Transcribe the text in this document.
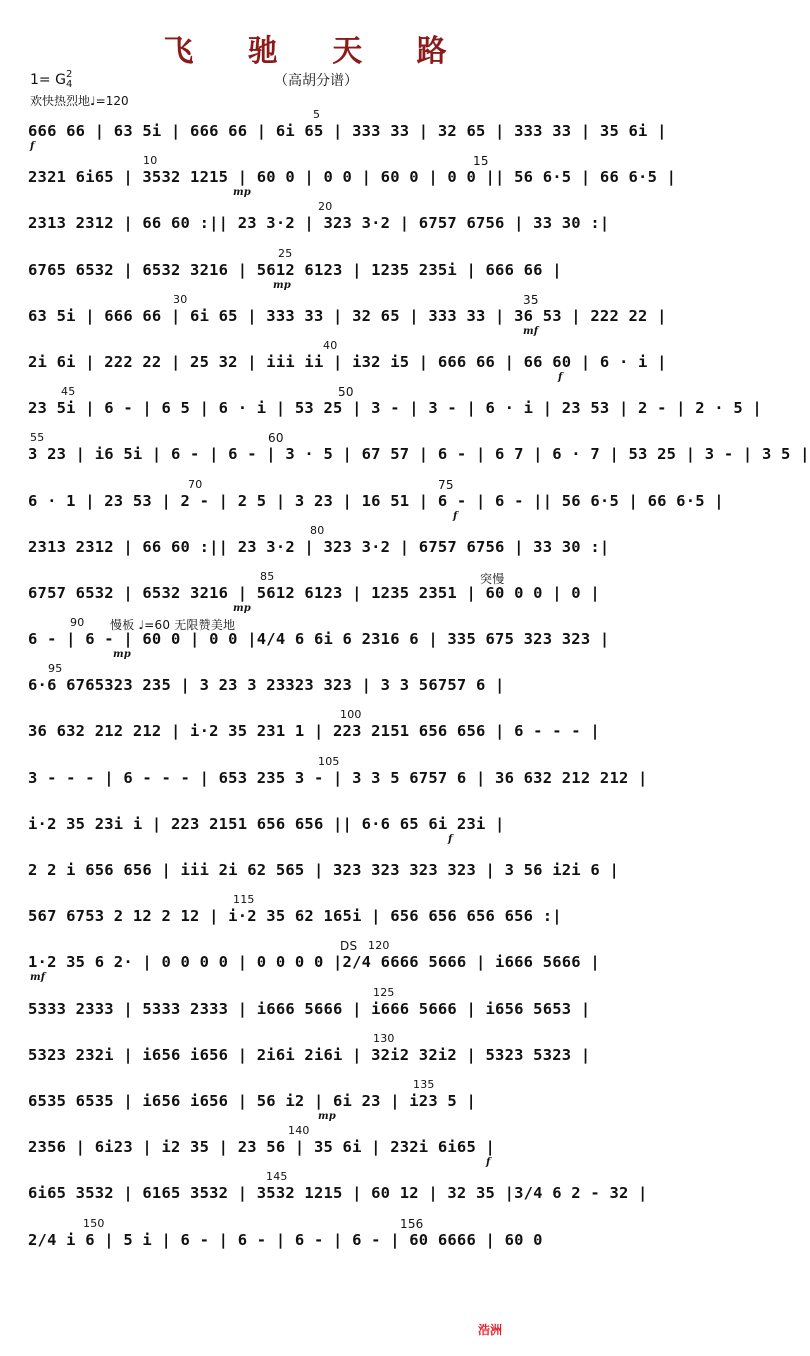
飞 驰 天 路
1= G2
4	（高胡分谱）
欢快热烈地♩=120
5
666 66 | 63 5i | 666 66 | 6i 65 | 333 33 | 32 65 | 333 33 | 35 6i |
f
10	15
2321 6i65 | 3532 1215 | 60 0 | 0 0 | 60 0 | 0 0 || 56 6·5 | 66 6·5 |
mp
20
2313 2312 | 66 60 :|| 23 3·2 | 323 3·2 | 6757 6756 | 33 30 :|
25
6765 6532 | 6532 3216 | 5612 6123 | 1235 235i | 666 66 |
mp
30	35
63 5i | 666 66 | 6i 65 | 333 33 | 32 65 | 333 33 | 36 53 | 222 22 |
mf
40
2i 6i | 222 22 | 25 32 | iii ii | i32 i5 | 666 66 | 66 60 | 6 · i |
f
45	50
23 5i | 6 - | 6 5 | 6 · i | 53 25 | 3 - | 3 - | 6 · i | 23 53 | 2 - | 2 · 5 |
55	60
3 23 | i6 5i | 6 - | 6 - | 3 · 5 | 67 57 | 6 - | 6 7 | 6 · 7 | 53 25 | 3 - | 3 5 |
70	75
6 · 1 | 23 53 | 2 - | 2 5 | 3 23 | 16 51 | 6 - | 6 - || 56 6·5 | 66 6·5 |
f
80
2313 2312 | 66 60 :|| 23 3·2 | 323 3·2 | 6757 6756 | 33 30 :|
85	突慢
6757 6532 | 6532 3216 | 5612 6123 | 1235 2351 | 60 0 0 | 0 |
mp
90 慢板 ♩=60 无限赞美地
6 - | 6 - | 60 0 | 0 0 |4/4 6 6i 6 2316 6 | 335 675 323 323 |
mp
95
6·6 6765323 235 | 3 23 3 23323 323 | 3 3 56757 6 |
100
36 632 212 212 | i·2 35 231 1 | 223 2151 656 656 | 6 - - - |
105
3 - - - | 6 - - - | 653 235 3 - | 3 3 5 6757 6 | 36 632 212 212 |
i·2 35 23i i | 223 2151 656 656 || 6·6 65 6i 23i |
f
2 2 i 656 656 | iii 2i 62 565 | 323 323 323 323 | 3 56 i2i 6 |
115
567 6753 2 12 2 12 | i·2 35 62 165i | 656 656 656 656 :|
120
DS
1·2 35 6 2· | 0 0 0 0 | 0 0 0 0 |2/4 6666 5666 | i666 5666 |
mf
125
5333 2333 | 5333 2333 | i666 5666 | i666 5666 | i656 5653 |
130
5323 232i | i656 i656 | 2i6i 2i6i | 32i2 32i2 | 5323 5323 |
135
6535 6535 | i656 i656 | 56 i2 | 6i 23 | i23 5 |
mp
140
2356 | 6i23 | i2 35 | 23 56 | 35 6i | 232i 6i65 |
f
145
6i65 3532 | 6165 3532 | 3532 1215 | 60 12 | 32 35 |3/4 6 2 - 32 |
150	156
2/4 i 6 | 5 i | 6 - | 6 - | 6 - | 6 - | 60 6666 | 60 0
浩洲
